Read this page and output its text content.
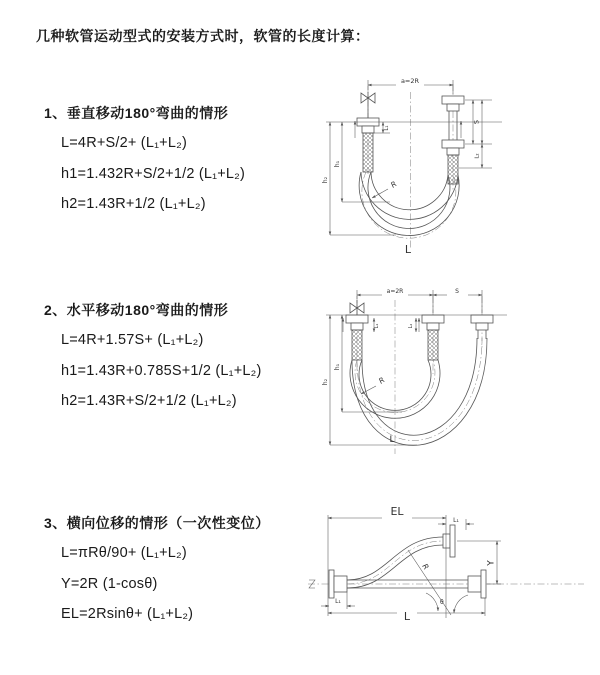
几种软管运动型式的安装方式时，软管的长度计算：
1、垂直移动180°弯曲的情形
L=4R+S/2+ (L₁+L₂)
h1=1.432R+S/2+1/2 (L₁+L₂)
h2=1.43R+1/2 (L₁+L₂)
2、水平移动180°弯曲的情形
L=4R+1.57S+ (L₁+L₂)
h1=1.43R+0.785S+1/2 (L₁+L₂)
h2=1.43R+S/2+1/2 (L₁+L₂)
3、横向位移的情形（一次性变位）
L=πRθ/90+ (L₁+L₂)
Y=2R (1-cosθ)
EL=2Rsinθ+ (L₁+L₂)
a=2R
S
L₂
L₁
h₂
h₁
R
L
a=2R	S
L₁	L₂
h₂
h₁
R
L
EL
L₁
Y
R
θ
L
L₁
